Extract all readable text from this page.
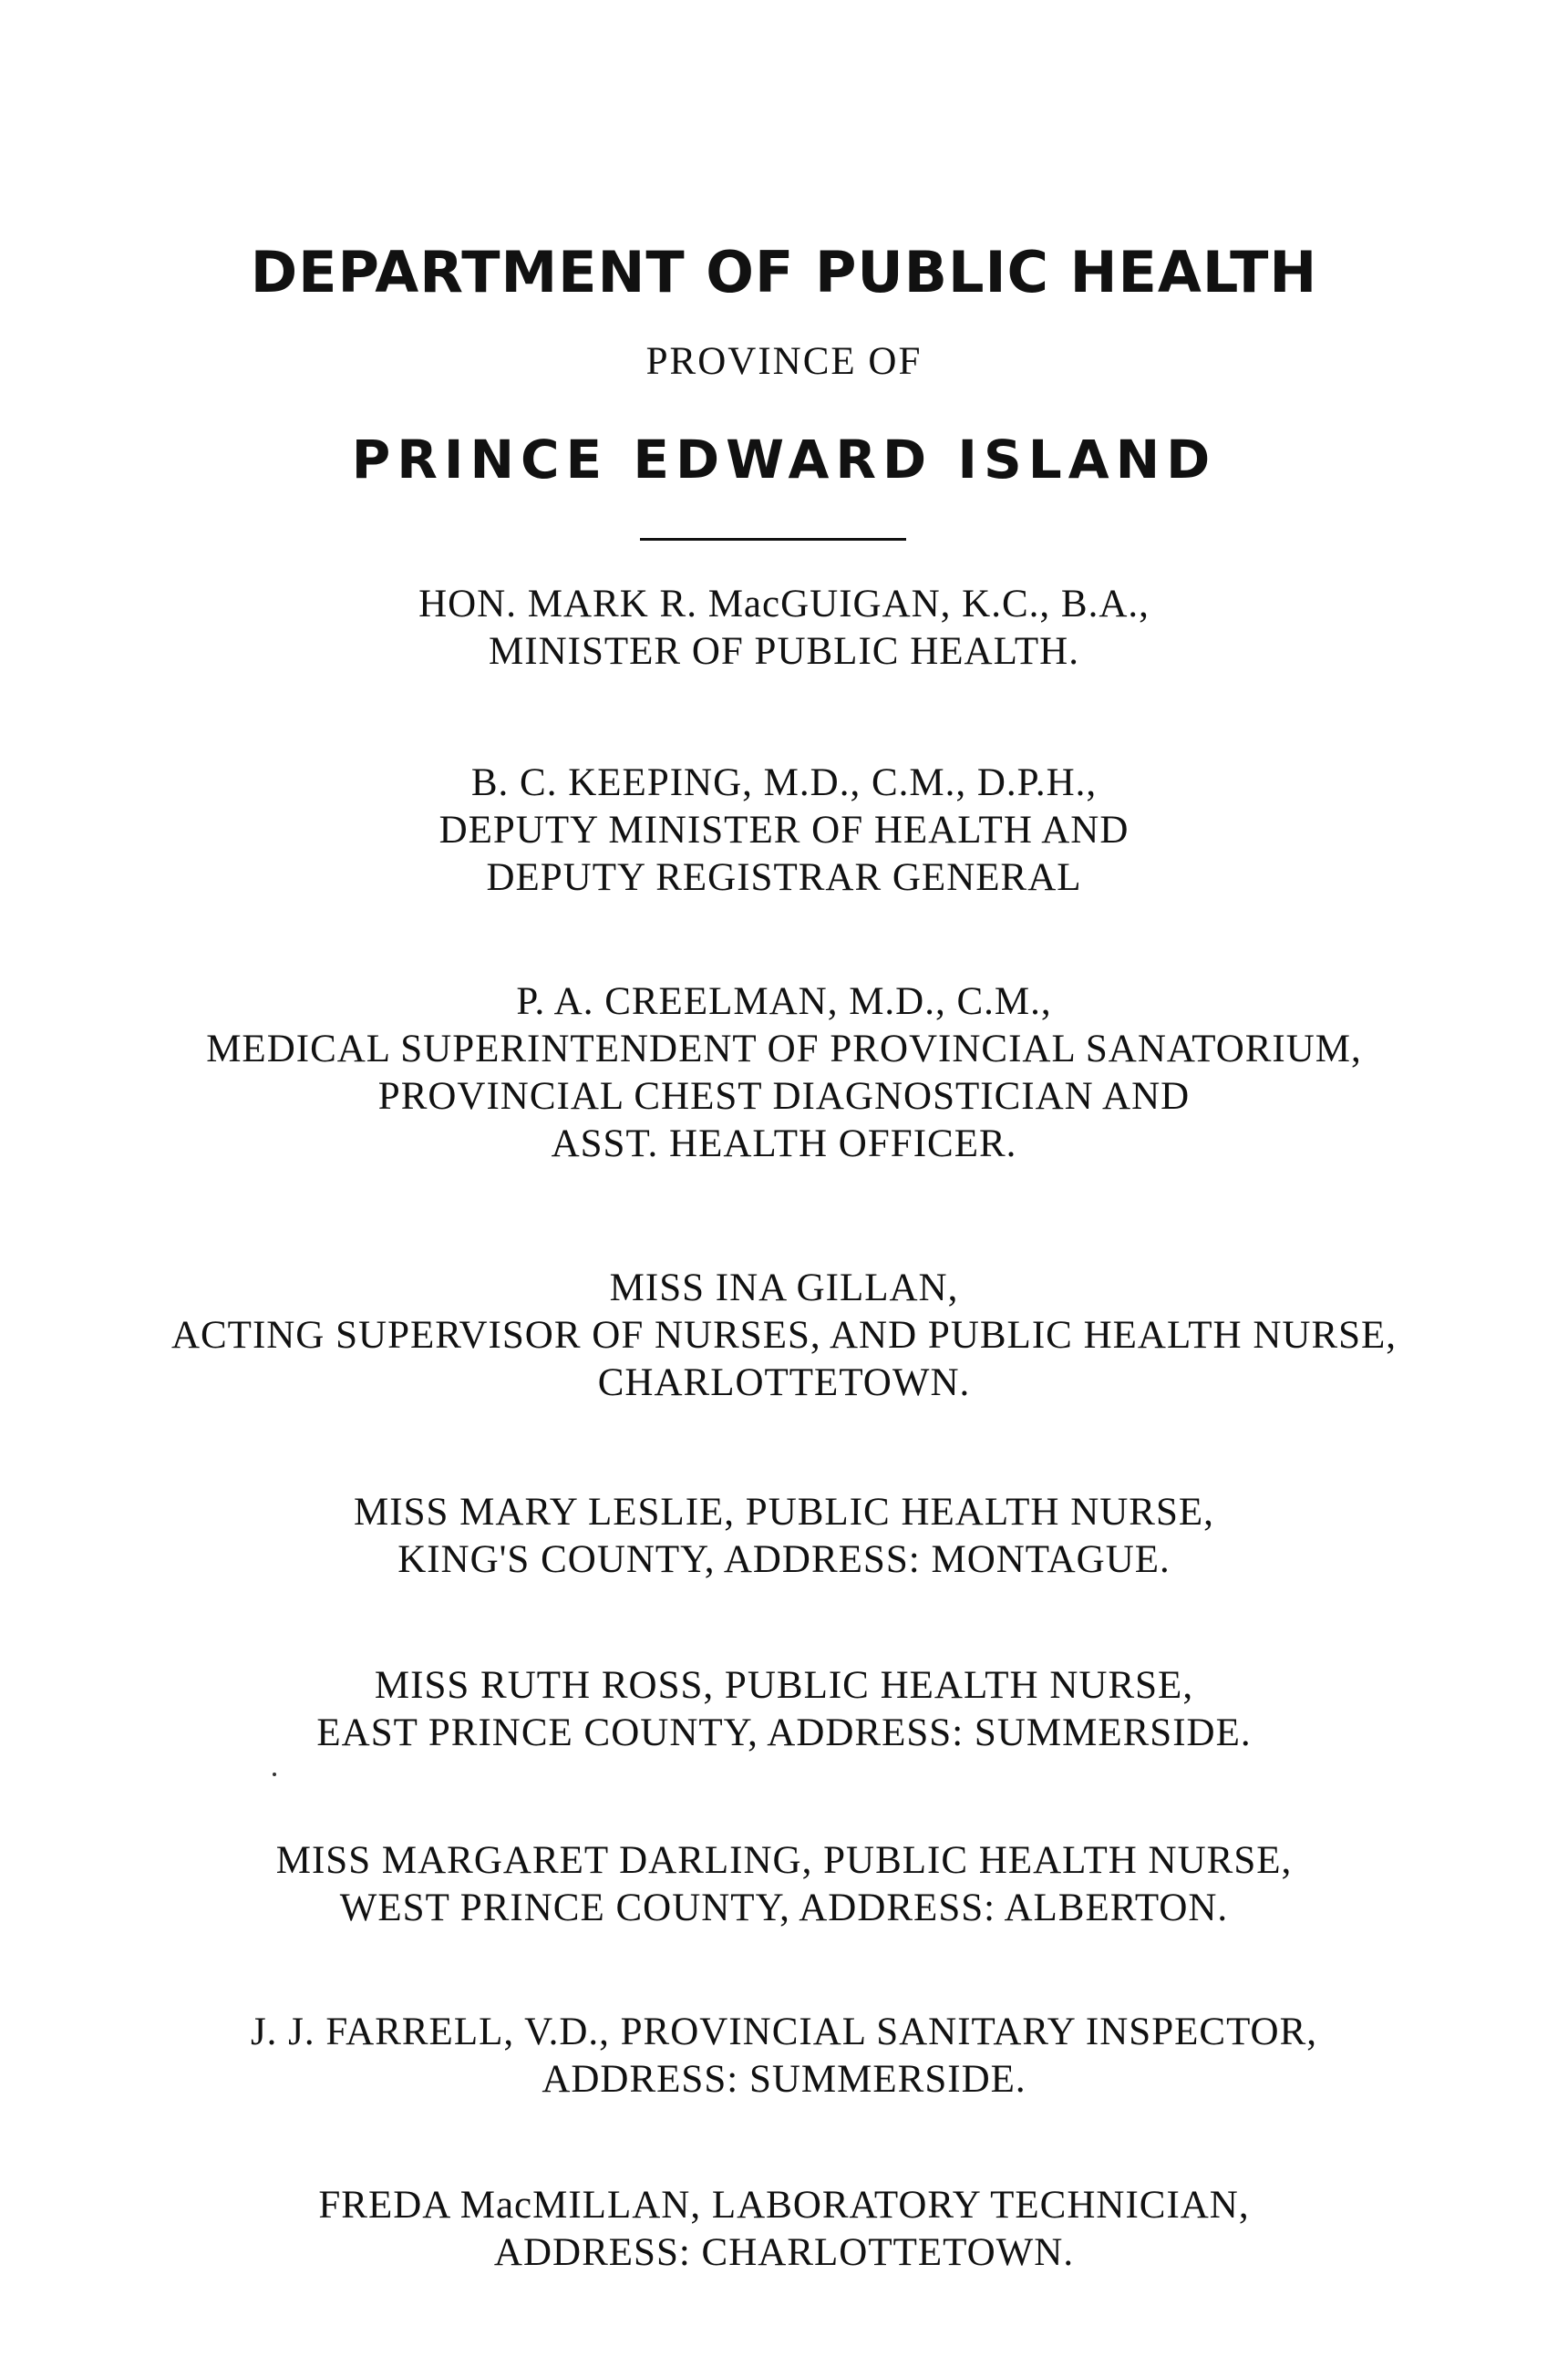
DEPARTMENT OF PUBLIC HEALTH
PROVINCE OF
PRINCE EDWARD ISLAND
HON. MARK R. MacGUIGAN, K.C., B.A.,
MINISTER OF PUBLIC HEALTH.
B. C. KEEPING, M.D., C.M., D.P.H.,
DEPUTY MINISTER OF HEALTH AND
DEPUTY REGISTRAR GENERAL
P. A. CREELMAN, M.D., C.M.,
MEDICAL SUPERINTENDENT OF PROVINCIAL SANATORIUM,
PROVINCIAL CHEST DIAGNOSTICIAN AND
ASST. HEALTH OFFICER.
MISS INA GILLAN,
ACTING SUPERVISOR OF NURSES, AND PUBLIC HEALTH NURSE,
CHARLOTTETOWN.
MISS MARY LESLIE, PUBLIC HEALTH NURSE,
KING'S COUNTY, ADDRESS: MONTAGUE.
MISS RUTH ROSS, PUBLIC HEALTH NURSE,
EAST PRINCE COUNTY, ADDRESS: SUMMERSIDE.
MISS MARGARET DARLING, PUBLIC HEALTH NURSE,
WEST PRINCE COUNTY, ADDRESS: ALBERTON.
J. J. FARRELL, V.D., PROVINCIAL SANITARY INSPECTOR,
ADDRESS: SUMMERSIDE.
FREDA MacMILLAN, LABORATORY TECHNICIAN,
ADDRESS: CHARLOTTETOWN.
